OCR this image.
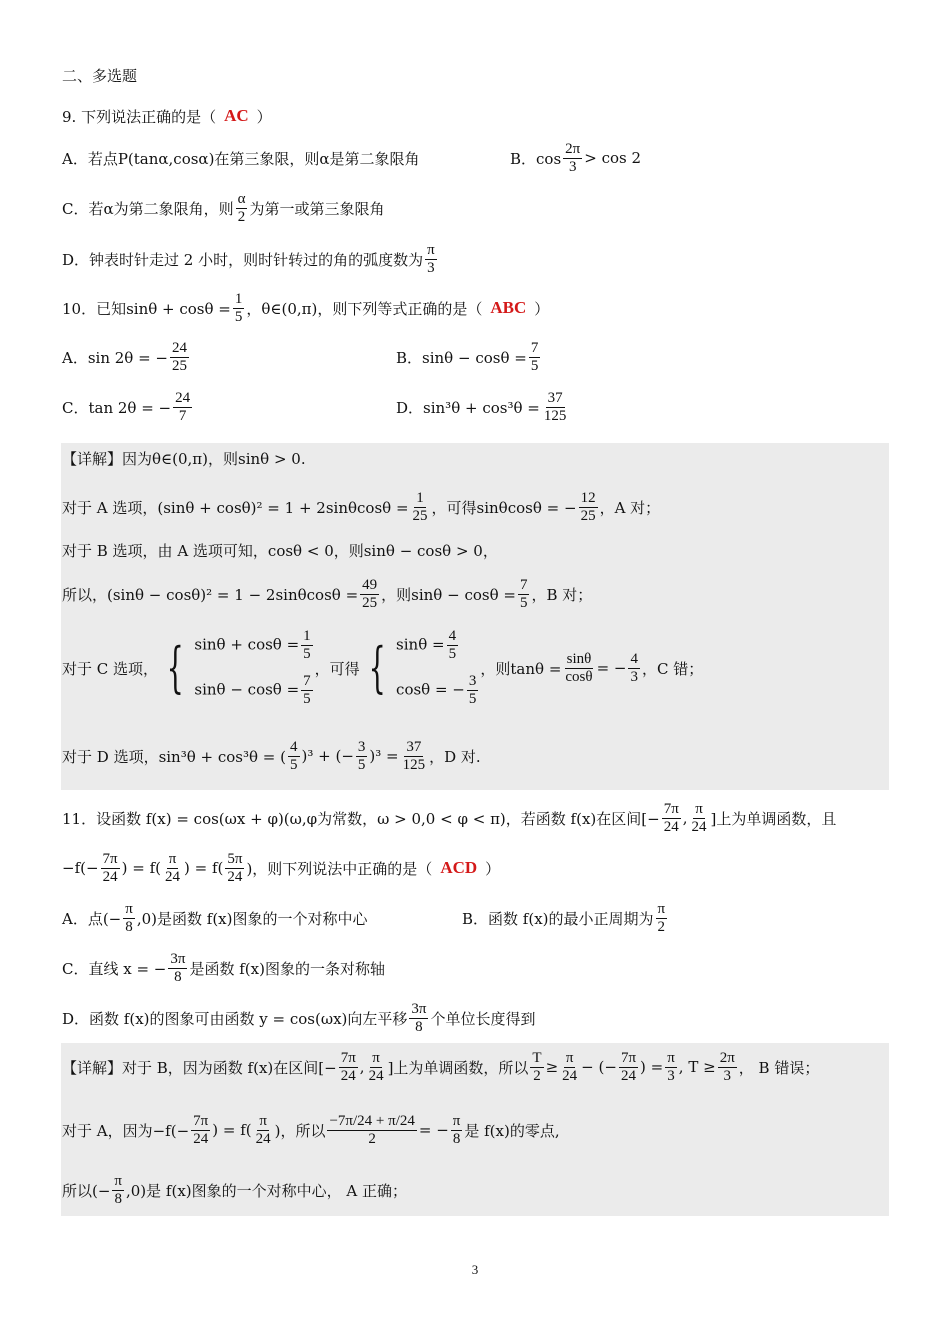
二、多选题
9. 下列说法正确的是（ AC ）
A．若点P(tanα,cosα)在第三象限，则α是第二象限角	B．cos
2π
3 > cos 2
C．若α为第二象限角，则
α
2 为第一或第三象限角
D．钟表时针走过 2 小时，则时针转过的角的弧度数为
π
3
10．已知$\sin\theta + \cos\theta = \frac{1}{5}$ ，θ∈(0,π)，则下列等式正确的是（ ABC ）
A．sin 2θ = − $\frac{24}{25}$	B．$\sin\theta - \cos\theta = \frac{7}{5}$
C．tan 2θ = − $\frac{24}{7}$	D．$\sin^3\theta + \cos^3\theta = \frac{37}{125}$
【详解】因为θ∈(0,π)，则sinθ > 0.
对于 A 选项，$(\sin\theta + \cos\theta)^2 = 1 + 2\sin\theta\cos\theta = \frac{1}{25}$ ，可得sinθcosθ = − $\frac{12}{25}$ ，A 对；
对于 B 选项，由 A 选项可知，cosθ < 0，则sinθ − cosθ > 0，
所以，$(\sin\theta - \cos\theta)^2 = 1 - 2\sin\theta\cos\theta = \frac{49}{25}$ ，则$\sin\theta - \cos\theta = \frac{7}{5}$ ，B 对；
对于 C 选项， { $\sin\theta + \cos\theta = \frac{1}{5}$
$\sin\theta - \cos\theta = \frac{7}{5}$
，可得 { $\sin\theta = \frac{4}{5}$
cosθ = − $\frac{3}{5}$
，则$\tan\theta = \frac{\sin\theta}{\cos\theta}$ = − $\frac{4}{3}$ ，C 错；
对于 D 选项，sin³θ + cos³θ = (
4
5 )³ + (− $\frac{3}{5} )^3 = \frac{37}{125}$ ，D 对.
11．设函数 f(x) = cos(ωx + φ)(ω,φ为常数，ω > 0,0 < φ < π)，若函数 f(x)在区间[− $\frac{7\pi}{24}$ ,
π
24 ]上为单调函数，且
$-f(- \frac{7\pi}{24}$ ) = f(
π
24 ) = f(
5π
24 )，则下列说法中正确的是（ ACD ）
A．点(− $\frac{\pi}{8} ,0$)是函数 f(x)图象的一个对称中心	B．函数 f(x)的最小正周期为
π
2
C．直线 x = − $\frac{3\pi}{8}$ 是函数 f(x)图象的一条对称轴
D．函数 f(x)的图象可由函数 y = cos(ωx)向左平移
3π
8 个单位长度得到
【详解】对于 B，因为函数 f(x)在区间[− $\frac{7\pi}{24}$ ,
π
24 ]上为单调函数，所以 $\frac{T}{2} \ge \frac{\pi}{24}$ − (− $\frac{7\pi}{24}$ ) = $\frac{\pi}{3}$ , $T \ge \frac{2\pi}{3}$ ， B 错误；
对于 A，因为$-f(- \frac{7\pi}{24}$ ) = f(
π
24 )，所以 $\frac{-7\pi/24 + \pi/24}{2}$ = − $\frac{\pi}{8}$ 是 f(x)的零点,
所以(− $\frac{\pi}{8} ,0$)是 f(x)图象的一个对称中心， A 正确；
3
